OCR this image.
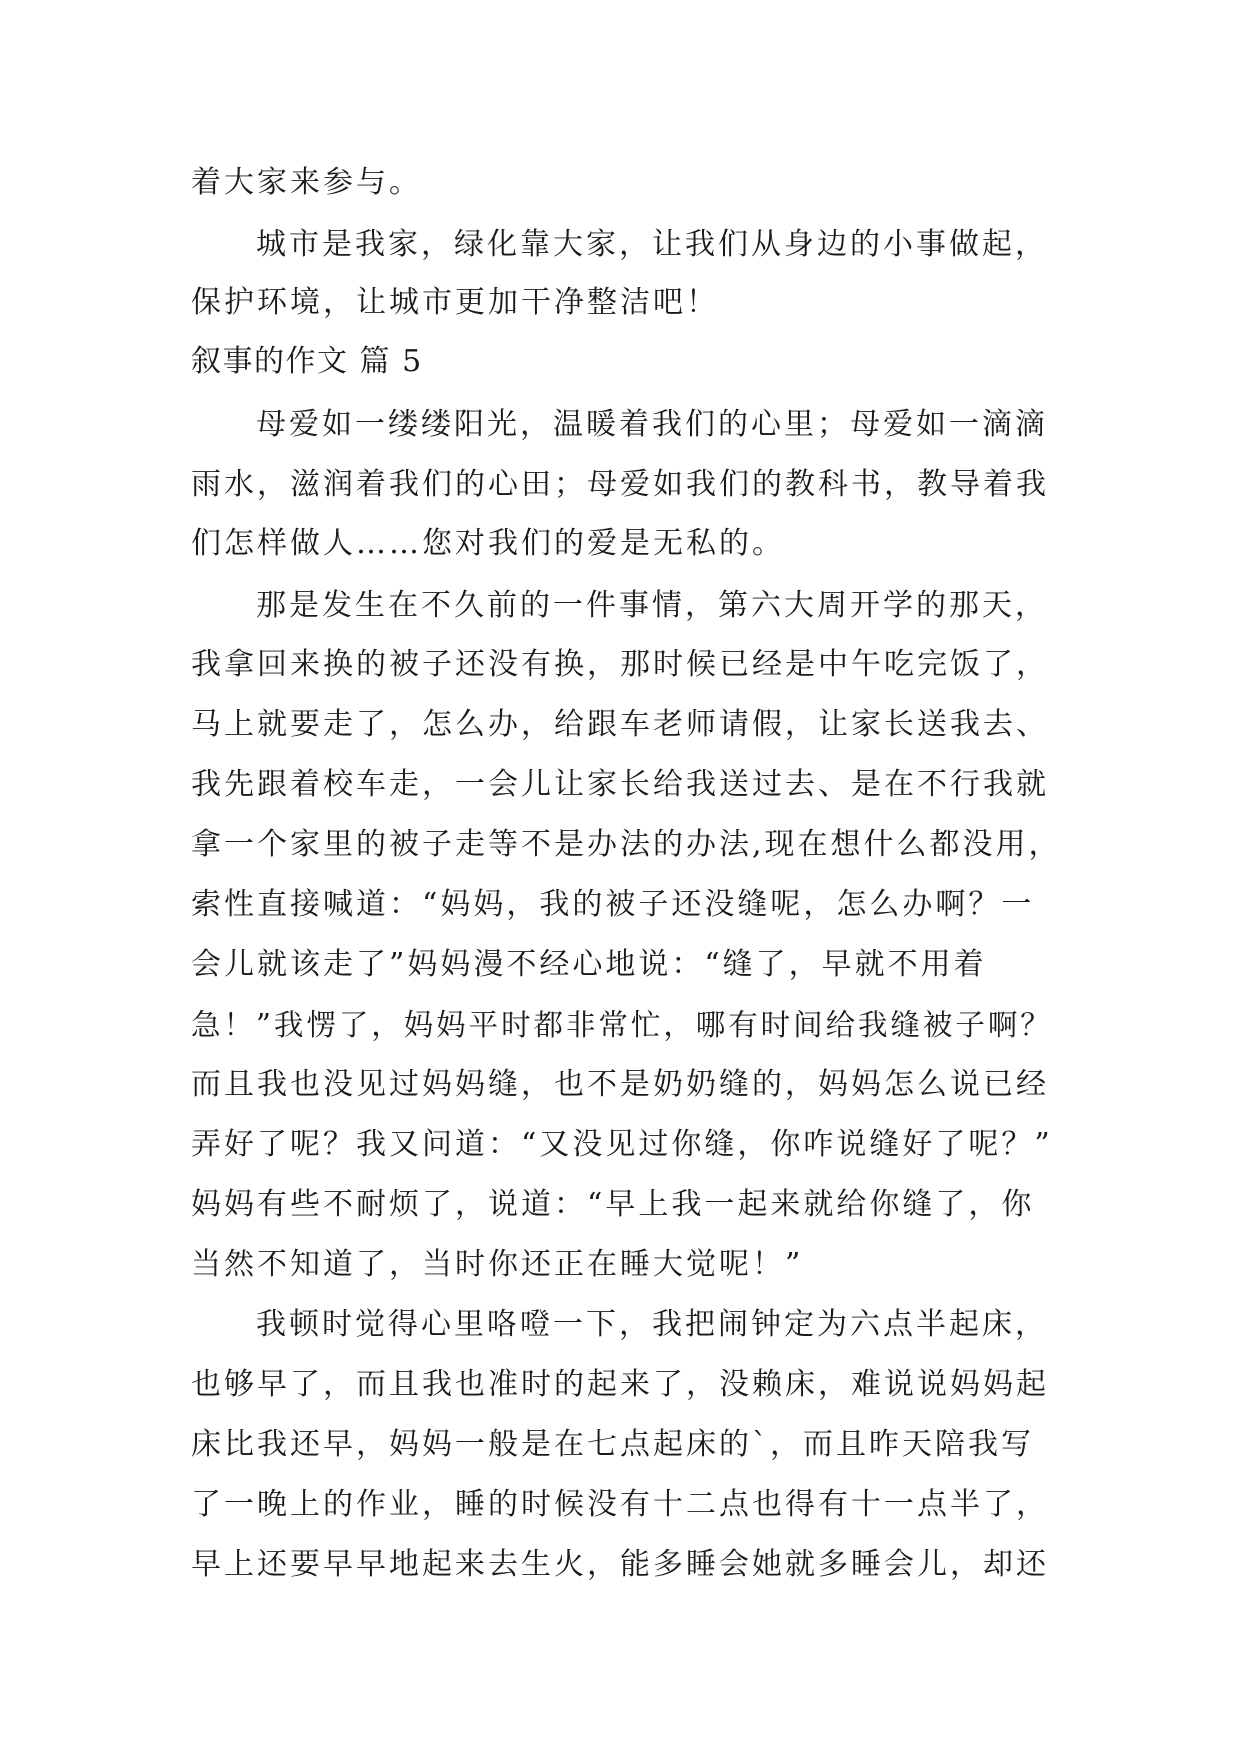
着大家来参与。
城市是我家，绿化靠大家，让我们从身边的小事做起，
保护环境，让城市更加干净整洁吧！
叙事的作文 篇 5
母爱如一缕缕阳光，温暖着我们的心里；母爱如一滴滴
雨水，滋润着我们的心田；母爱如我们的教科书，教导着我
们怎样做人……您对我们的爱是无私的。
那是发生在不久前的一件事情，第六大周开学的那天，
我拿回来换的被子还没有换，那时候已经是中午吃完饭了，
马上就要走了，怎么办，给跟车老师请假，让家长送我去、
我先跟着校车走，一会儿让家长给我送过去、是在不行我就
拿一个家里的被子走等不是办法的办法,现在想什么都没用，
索性直接喊道：“妈妈，我的被子还没缝呢，怎么办啊？一
会儿就该走了”妈妈漫不经心地说：“缝了，早就不用着
急！”我愣了，妈妈平时都非常忙，哪有时间给我缝被子啊？
而且我也没见过妈妈缝，也不是奶奶缝的，妈妈怎么说已经
弄好了呢？我又问道：“又没见过你缝，你咋说缝好了呢？”
妈妈有些不耐烦了，说道：“早上我一起来就给你缝了，你
当然不知道了，当时你还正在睡大觉呢！”
我顿时觉得心里咯噔一下，我把闹钟定为六点半起床，
也够早了，而且我也准时的起来了，没赖床，难说说妈妈起
床比我还早，妈妈一般是在七点起床的`，而且昨天陪我写
了一晚上的作业，睡的时候没有十二点也得有十一点半了，
早上还要早早地起来去生火，能多睡会她就多睡会儿，却还
